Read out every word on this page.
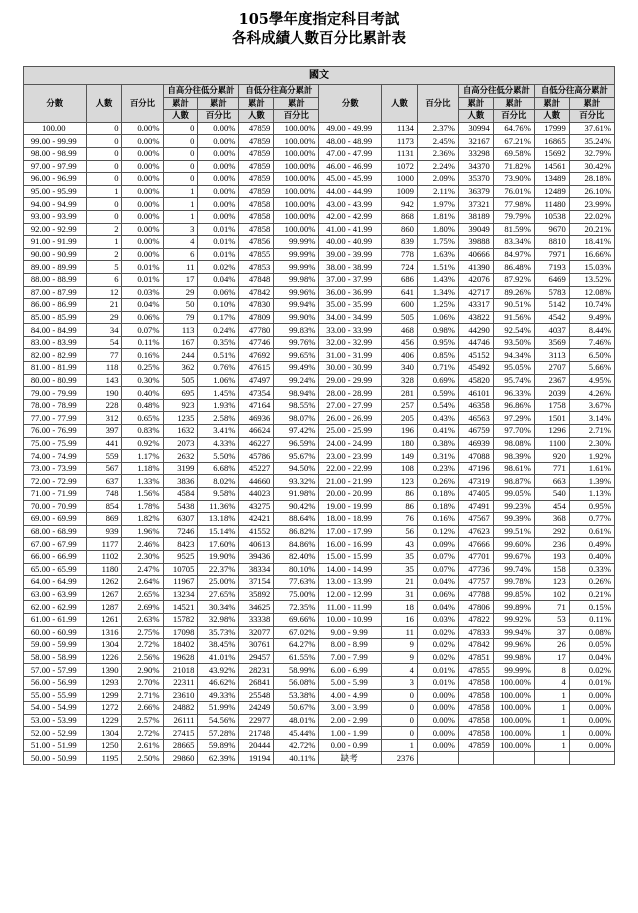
105學年度指定科目考試
各科成績人數百分比累計表
國文													
分數	人數	百分比	自高分往低分累計		自低分往高分累計		分數	人數	百分比	自高分往低分累計		自低分往高分累計	
			累計	累計	累計	累計				累計	累計	累計	累計
			人數	百分比	人數	百分比				人數	百分比	人數	百分比
100.00	0	0.00%	0	0.00%	47859	100.00%	49.00 - 49.99	1134	2.37%	30994	64.76%	17999	37.61%
99.00 - 99.99	0	0.00%	0	0.00%	47859	100.00%	48.00 - 48.99	1173	2.45%	32167	67.21%	16865	35.24%
98.00 - 98.99	0	0.00%	0	0.00%	47859	100.00%	47.00 - 47.99	1131	2.36%	33298	69.58%	15692	32.79%
97.00 - 97.99	0	0.00%	0	0.00%	47859	100.00%	46.00 - 46.99	1072	2.24%	34370	71.82%	14561	30.42%
96.00 - 96.99	0	0.00%	0	0.00%	47859	100.00%	45.00 - 45.99	1000	2.09%	35370	73.90%	13489	28.18%
95.00 - 95.99	1	0.00%	1	0.00%	47859	100.00%	44.00 - 44.99	1009	2.11%	36379	76.01%	12489	26.10%
94.00 - 94.99	0	0.00%	1	0.00%	47858	100.00%	43.00 - 43.99	942	1.97%	37321	77.98%	11480	23.99%
93.00 - 93.99	0	0.00%	1	0.00%	47858	100.00%	42.00 - 42.99	868	1.81%	38189	79.79%	10538	22.02%
92.00 - 92.99	2	0.00%	3	0.01%	47858	100.00%	41.00 - 41.99	860	1.80%	39049	81.59%	9670	20.21%
91.00 - 91.99	1	0.00%	4	0.01%	47856	99.99%	40.00 - 40.99	839	1.75%	39888	83.34%	8810	18.41%
90.00 - 90.99	2	0.00%	6	0.01%	47855	99.99%	39.00 - 39.99	778	1.63%	40666	84.97%	7971	16.66%
89.00 - 89.99	5	0.01%	11	0.02%	47853	99.99%	38.00 - 38.99	724	1.51%	41390	86.48%	7193	15.03%
88.00 - 88.99	6	0.01%	17	0.04%	47848	99.98%	37.00 - 37.99	686	1.43%	42076	87.92%	6469	13.52%
87.00 - 87.99	12	0.03%	29	0.06%	47842	99.96%	36.00 - 36.99	641	1.34%	42717	89.26%	5783	12.08%
86.00 - 86.99	21	0.04%	50	0.10%	47830	99.94%	35.00 - 35.99	600	1.25%	43317	90.51%	5142	10.74%
85.00 - 85.99	29	0.06%	79	0.17%	47809	99.90%	34.00 - 34.99	505	1.06%	43822	91.56%	4542	9.49%
84.00 - 84.99	34	0.07%	113	0.24%	47780	99.83%	33.00 - 33.99	468	0.98%	44290	92.54%	4037	8.44%
83.00 - 83.99	54	0.11%	167	0.35%	47746	99.76%	32.00 - 32.99	456	0.95%	44746	93.50%	3569	7.46%
82.00 - 82.99	77	0.16%	244	0.51%	47692	99.65%	31.00 - 31.99	406	0.85%	45152	94.34%	3113	6.50%
81.00 - 81.99	118	0.25%	362	0.76%	47615	99.49%	30.00 - 30.99	340	0.71%	45492	95.05%	2707	5.66%
80.00 - 80.99	143	0.30%	505	1.06%	47497	99.24%	29.00 - 29.99	328	0.69%	45820	95.74%	2367	4.95%
79.00 - 79.99	190	0.40%	695	1.45%	47354	98.94%	28.00 - 28.99	281	0.59%	46101	96.33%	2039	4.26%
78.00 - 78.99	228	0.48%	923	1.93%	47164	98.55%	27.00 - 27.99	257	0.54%	46358	96.86%	1758	3.67%
77.00 - 77.99	312	0.65%	1235	2.58%	46936	98.07%	26.00 - 26.99	205	0.43%	46563	97.29%	1501	3.14%
76.00 - 76.99	397	0.83%	1632	3.41%	46624	97.42%	25.00 - 25.99	196	0.41%	46759	97.70%	1296	2.71%
75.00 - 75.99	441	0.92%	2073	4.33%	46227	96.59%	24.00 - 24.99	180	0.38%	46939	98.08%	1100	2.30%
74.00 - 74.99	559	1.17%	2632	5.50%	45786	95.67%	23.00 - 23.99	149	0.31%	47088	98.39%	920	1.92%
73.00 - 73.99	567	1.18%	3199	6.68%	45227	94.50%	22.00 - 22.99	108	0.23%	47196	98.61%	771	1.61%
72.00 - 72.99	637	1.33%	3836	8.02%	44660	93.32%	21.00 - 21.99	123	0.26%	47319	98.87%	663	1.39%
71.00 - 71.99	748	1.56%	4584	9.58%	44023	91.98%	20.00 - 20.99	86	0.18%	47405	99.05%	540	1.13%
70.00 - 70.99	854	1.78%	5438	11.36%	43275	90.42%	19.00 - 19.99	86	0.18%	47491	99.23%	454	0.95%
69.00 - 69.99	869	1.82%	6307	13.18%	42421	88.64%	18.00 - 18.99	76	0.16%	47567	99.39%	368	0.77%
68.00 - 68.99	939	1.96%	7246	15.14%	41552	86.82%	17.00 - 17.99	56	0.12%	47623	99.51%	292	0.61%
67.00 - 67.99	1177	2.46%	8423	17.60%	40613	84.86%	16.00 - 16.99	43	0.09%	47666	99.60%	236	0.49%
66.00 - 66.99	1102	2.30%	9525	19.90%	39436	82.40%	15.00 - 15.99	35	0.07%	47701	99.67%	193	0.40%
65.00 - 65.99	1180	2.47%	10705	22.37%	38334	80.10%	14.00 - 14.99	35	0.07%	47736	99.74%	158	0.33%
64.00 - 64.99	1262	2.64%	11967	25.00%	37154	77.63%	13.00 - 13.99	21	0.04%	47757	99.78%	123	0.26%
63.00 - 63.99	1267	2.65%	13234	27.65%	35892	75.00%	12.00 - 12.99	31	0.06%	47788	99.85%	102	0.21%
62.00 - 62.99	1287	2.69%	14521	30.34%	34625	72.35%	11.00 - 11.99	18	0.04%	47806	99.89%	71	0.15%
61.00 - 61.99	1261	2.63%	15782	32.98%	33338	69.66%	10.00 - 10.99	16	0.03%	47822	99.92%	53	0.11%
60.00 - 60.99	1316	2.75%	17098	35.73%	32077	67.02%	9.00 - 9.99	11	0.02%	47833	99.94%	37	0.08%
59.00 - 59.99	1304	2.72%	18402	38.45%	30761	64.27%	8.00 - 8.99	9	0.02%	47842	99.96%	26	0.05%
58.00 - 58.99	1226	2.56%	19628	41.01%	29457	61.55%	7.00 - 7.99	9	0.02%	47851	99.98%	17	0.04%
57.00 - 57.99	1390	2.90%	21018	43.92%	28231	58.99%	6.00 - 6.99	4	0.01%	47855	99.99%	8	0.02%
56.00 - 56.99	1293	2.70%	22311	46.62%	26841	56.08%	5.00 - 5.99	3	0.01%	47858	100.00%	4	0.01%
55.00 - 55.99	1299	2.71%	23610	49.33%	25548	53.38%	4.00 - 4.99	0	0.00%	47858	100.00%	1	0.00%
54.00 - 54.99	1272	2.66%	24882	51.99%	24249	50.67%	3.00 - 3.99	0	0.00%	47858	100.00%	1	0.00%
53.00 - 53.99	1229	2.57%	26111	54.56%	22977	48.01%	2.00 - 2.99	0	0.00%	47858	100.00%	1	0.00%
52.00 - 52.99	1304	2.72%	27415	57.28%	21748	45.44%	1.00 - 1.99	0	0.00%	47858	100.00%	1	0.00%
51.00 - 51.99	1250	2.61%	28665	59.89%	20444	42.72%	0.00 - 0.99	1	0.00%	47859	100.00%	1	0.00%
50.00 - 50.99	1195	2.50%	29860	62.39%	19194	40.11%	缺考	2376					
